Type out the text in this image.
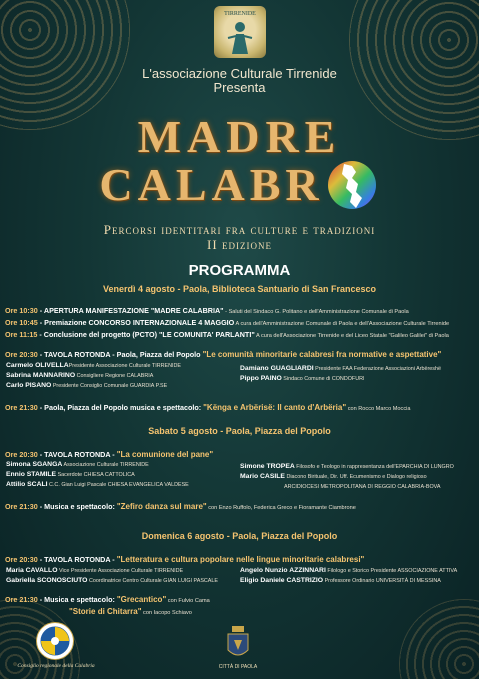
TIRRENIDE
L'associazione Culturale Tirrenide
Presenta
MADRE
CALABR
Percorsi identitari fra culture e tradizioni
II edizione
PROGRAMMA
Venerdì 4 agosto - Paola, Biblioteca Santuario di San Francesco
Ore 10:30 - APERTURA MANIFESTAZIONE "MADRE CALABRIA" - Saluti del Sindaco G. Politano e dell'Amministrazione Comunale di Paola
Ore 10:45 - Premiazione CONCORSO INTERNAZIONALE 4 MAGGIO A cura dell'Amministrazione Comunale di Paola e dell'Associazione Culturale Tirrenide
Ore 11:15 - Conclusione del progetto (PCTO) "LE COMUNITA' PARLANTI" A cura dell'Associazione Tirrenide e del Liceo Statale "Galileo Galilei" di Paola
Ore 20:30 - TAVOLA ROTONDA - Paola, Piazza del Popolo "Le comunità minoritarie calabresi fra normative e aspettative"
Carmelo OLIVELLAPresidente Associazione Culturale TIRRENIDE
Sabrina MANNARINO Consigliere Regione CALABRIA
Carlo PISANO Presidente Consiglio Comunale GUARDIA P.SE
Damiano GUAGLIARDI Presidente FAA Federazione Associazioni Arbëreshë
Pippo PAINO Sindaco Comune di CONDOFURI
Ore 21:30 - Paola, Piazza del Popolo musica e spettacolo: "Kënga e Arbërisë: Il canto d'Arbëria" con Rocco Marco Moccia
Sabato 5 agosto - Paola, Piazza del Popolo
Ore 20:30 - TAVOLA ROTONDA - "La comunione del pane"
Simona SGANGA Associazione Culturale TIRRENIDE
Ennio STAMILE Sacerdote CHIESA CATTOLICA
Attilio SCALI C.C. Gian Luigi Pascale CHIESA EVANGELICA VALDESE
Simone TROPEA Filosofo e Teologo in rappresentanza dell'EPARCHIA DI LUNGRO
Mario CASILE Diacono Birituale, Dir. Uff. Ecumenismo e Dialogo religioso
ARCIDIOCESI METROPOLITANA DI REGGIO CALABRIA-BOVA
Ore 21:30 - Musica e spettacolo: "Zefiro danza sul mare" con Enzo Ruffolo, Federica Greco e Fioramante Ciambrone
Domenica 6 agosto - Paola, Piazza del Popolo
Ore 20:30 - TAVOLA ROTONDA - "Letteratura e cultura popolare nelle lingue minoritarie calabresi"
Maria CAVALLO Vice Presidente Associazione Culturale TIRRENIDE
Gabriella SCONOSCIUTO Coordinatrice Centro Culturale GIAN LUIGI PASCALE
Angelo Nunzio AZZINNARI Filologo e Storico Presidente ASSOCIAZIONE ATTIVA
Eligio Daniele CASTRIZIO Professore Ordinario UNIVERSITÀ DI MESSINA
Ore 21:30 - Musica e spettacolo: "Grecantico" con Fulvio Cama
"Storie di Chitarra" con Iacopo Schiavo
Consiglio regionale della Calabria	CITTÀ DI PAOLA
